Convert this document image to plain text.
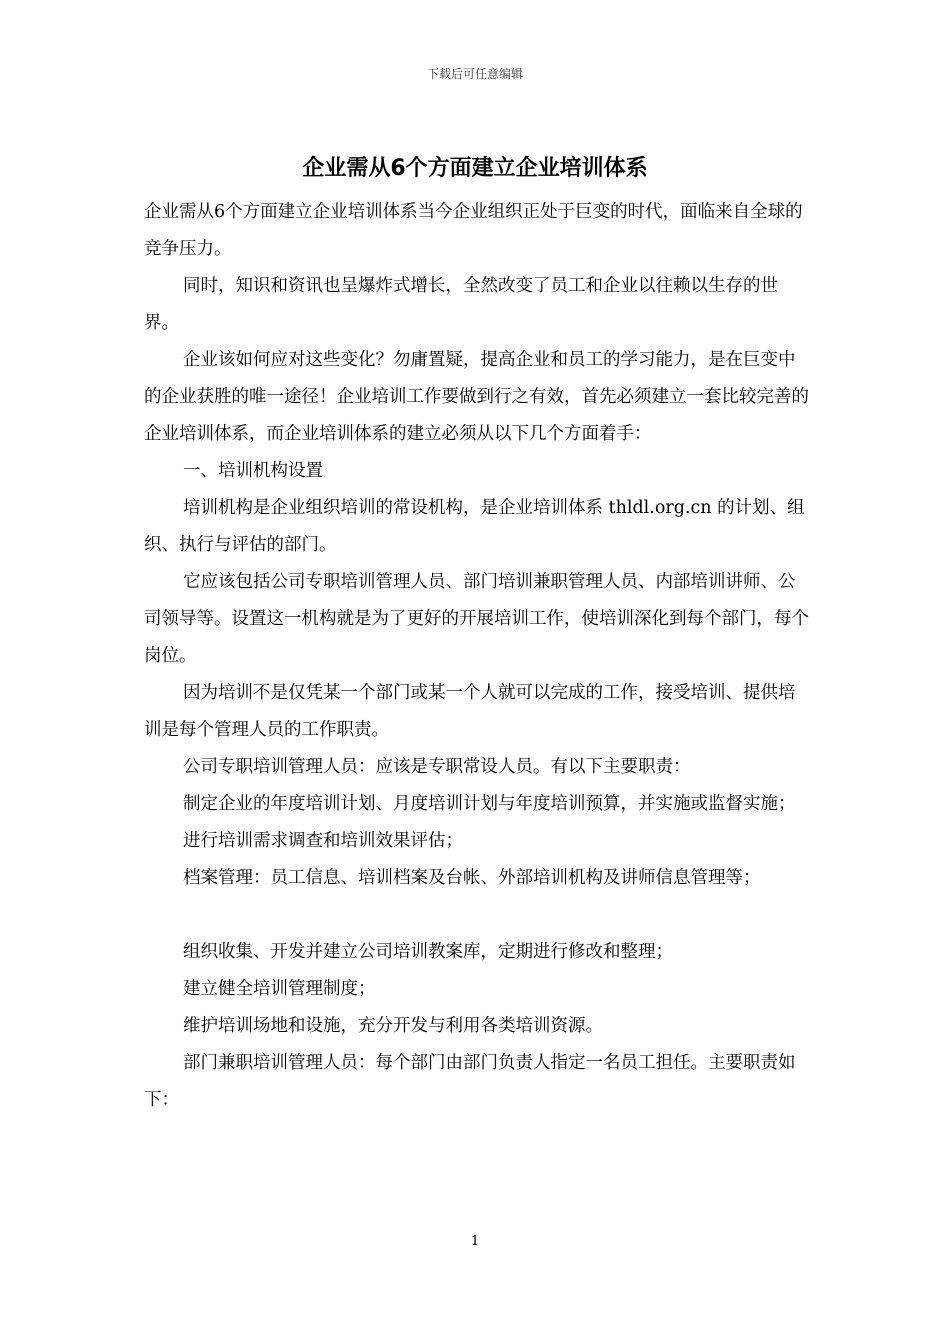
下载后可任意编辑
企业需从6个方面建立企业培训体系

企业需从6个方面建立企业培训体系当今企业组织正处于巨变的时代，面临来自全球的竞争压力。

同时，知识和资讯也呈爆炸式增长，全然改变了员工和企业以往赖以生存的世界。

企业该如何应对这些变化？勿庸置疑，提高企业和员工的学习能力，是在巨变中的企业获胜的唯一途径！企业培训工作要做到行之有效，首先必须建立一套比较完善的企业培训体系，而企业培训体系的建立必须从以下几个方面着手：

一、培训机构设置

培训机构是企业组织培训的常设机构，是企业培训体系 thldl.org.cn 的计划、组织、执行与评估的部门。

它应该包括公司专职培训管理人员、部门培训兼职管理人员、内部培训讲师、公司领导等。设置这一机构就是为了更好的开展培训工作，使培训深化到每个部门，每个岗位。

因为培训不是仅凭某一个部门或某一个人就可以完成的工作，接受培训、提供培训是每个管理人员的工作职责。

公司专职培训管理人员：应该是专职常设人员。有以下主要职责：

制定企业的年度培训计划、月度培训计划与年度培训预算，并实施或监督实施；

进行培训需求调查和培训效果评估；

档案管理：员工信息、培训档案及台帐、外部培训机构及讲师信息管理等；

组织收集、开发并建立公司培训教案库，定期进行修改和整理；

建立健全培训管理制度；

维护培训场地和设施，充分开发与利用各类培训资源。

部门兼职培训管理人员：每个部门由部门负责人指定一名员工担任。主要职责如下：

1
